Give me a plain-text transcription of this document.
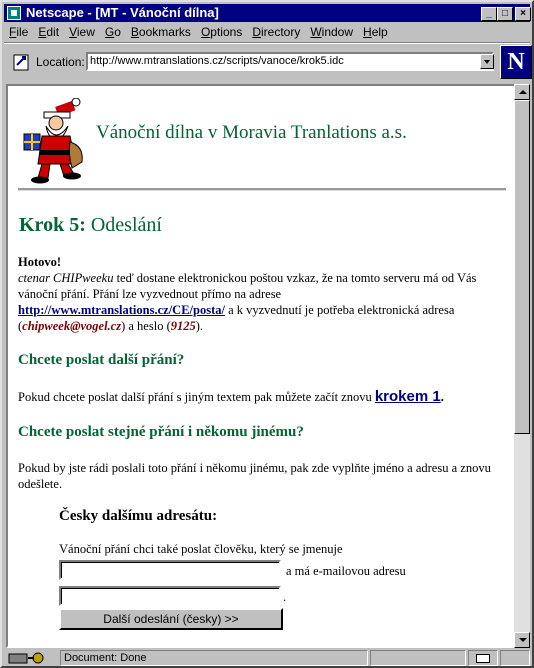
Netscape - [MT - Vánoční dílna]	_	□	×
File Edit View Go Bookmarks Options Directory Window Help
Location: http://www.mtranslations.cz/scripts/vanoce/krok5.idc	N
Vánoční dílna v Moravia Tranlations a.s.
Krok 5: Odeslání
Hotovo!
ctenar CHIPweeku teď dostane elektronickou poštou vzkaz, že na tomto serveru má od Vás vánoční přání. Přání lze vyzvednout přímo na adrese
http://www.mtranslations.cz/CE/posta/ a k vyzvednutí je potřeba elektronická adresa (chipweek@vogel.cz) a heslo (9125).
Chcete poslat další přání?
Pokud chcete poslat další přání s jiným textem pak můžete začít znovu krokem 1.
Chcete poslat stejné přání i někomu jinému?
Pokud by jste rádi poslali toto přání i někomu jinému, pak zde vyplňte jméno a adresu a znovu odešlete.
Česky dalšímu adresátu:
Vánoční přání chci také poslat člověku, který se jmenuje
a má e-mailovou adresu
.
Další odeslání (česky) >>
Document: Done
